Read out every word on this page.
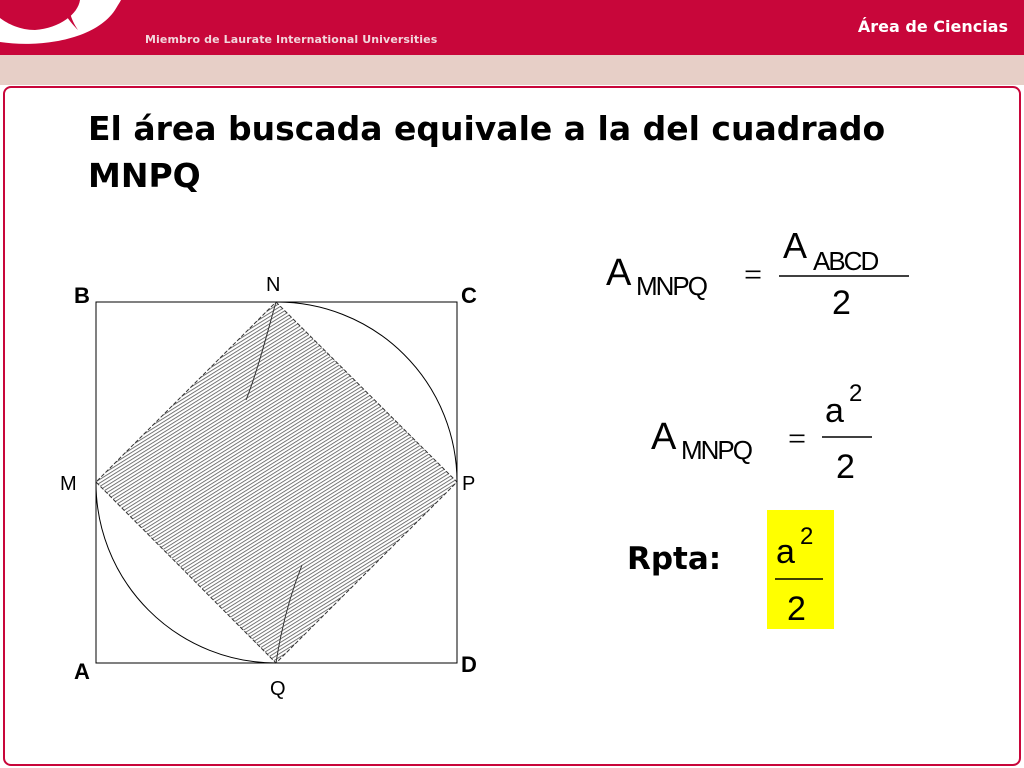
Miembro de Laurate International Universities
Área de Ciencias
El área buscada equivale a la del cuadrado MNPQ
Rpta:
B	C
A	D
N
M	P
Q
A MNPQ =
A ABCD
2
A MNPQ =
a 2
2
a 2
2
